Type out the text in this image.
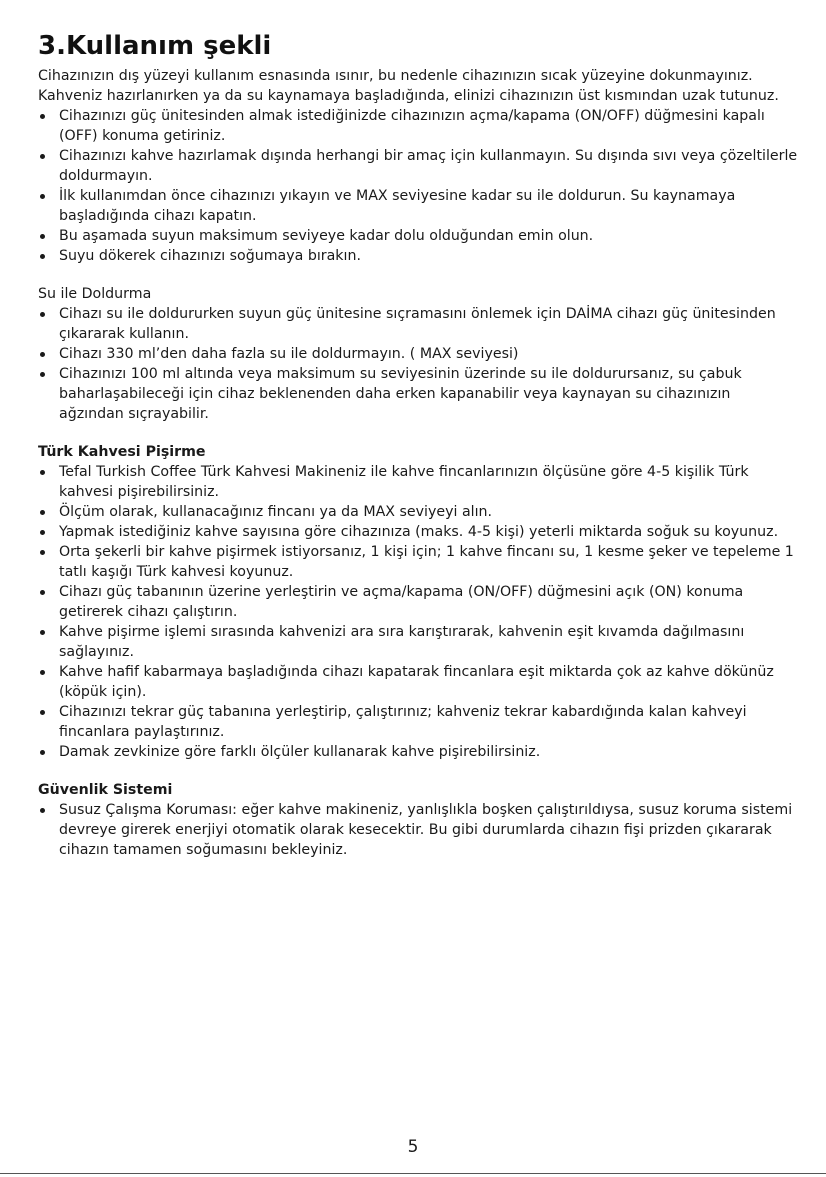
3.Kullanım şekli

Cihazınızın dış yüzeyi kullanım esnasında ısınır, bu nedenle cihazınızın sıcak yüzeyine dokunmayınız. Kahveniz hazırlanırken ya da su kaynamaya başladığında, elinizi cihazınızın üst kısmından uzak tutunuz.

Cihazınızı güç ünitesinden almak istediğinizde cihazınızın açma/kapama (ON/OFF) düğmesini kapalı (OFF) konuma getiriniz.
Cihazınızı kahve hazırlamak dışında herhangi bir amaç için kullanmayın. Su dışında sıvı veya çözeltilerle doldurmayın.
İlk kullanımdan önce cihazınızı yıkayın ve MAX seviyesine kadar su ile doldurun. Su kaynamaya başladığında cihazı kapatın.
Bu aşamada suyun maksimum seviyeye kadar dolu olduğundan emin olun.
Suyu dökerek cihazınızı soğumaya bırakın.

Su ile Doldurma

Cihazı su ile doldururken suyun güç ünitesine sıçramasını önlemek için DAİMA cihazı güç ünitesinden çıkararak kullanın.
Cihazı 330 ml’den daha fazla su ile doldurmayın. ( MAX seviyesi)
Cihazınızı 100 ml altında veya maksimum su seviyesinin üzerinde su ile doldurursanız, su çabuk baharlaşabileceği için cihaz beklenenden daha erken kapanabilir veya kaynayan su cihazınızın ağzından sıçrayabilir.

Türk Kahvesi Pişirme

Tefal Turkish Coffee Türk Kahvesi Makineniz ile kahve fincanlarınızın ölçüsüne göre 4-5 kişilik Türk kahvesi pişirebilirsiniz.
Ölçüm olarak, kullanacağınız fincanı ya da MAX seviyeyi alın.
Yapmak istediğiniz kahve sayısına göre cihazınıza (maks. 4-5 kişi) yeterli miktarda soğuk su koyunuz.
Orta şekerli bir kahve pişirmek istiyorsanız, 1 kişi için; 1 kahve fincanı su, 1 kesme şeker ve tepeleme 1 tatlı kaşığı Türk kahvesi koyunuz.
Cihazı güç tabanının üzerine yerleştirin ve açma/kapama (ON/OFF) düğmesini açık (ON) konuma getirerek cihazı çalıştırın.
Kahve pişirme işlemi sırasında kahvenizi ara sıra karıştırarak, kahvenin eşit kıvamda dağılmasını sağlayınız.
Kahve hafif kabarmaya başladığında cihazı kapatarak fincanlara eşit miktarda çok az kahve dökünüz (köpük için).
Cihazınızı tekrar güç tabanına yerleştirip, çalıştırınız; kahveniz tekrar kabardığında kalan kahveyi fincanlara paylaştırınız.
Damak zevkinize göre farklı ölçüler kullanarak kahve pişirebilirsiniz.

Güvenlik Sistemi

Susuz Çalışma Koruması: eğer kahve makineniz, yanlışlıkla boşken çalıştırıldıysa, susuz koruma sistemi devreye girerek enerjiyi otomatik olarak kesecektir. Bu gibi durumlarda cihazın fişi prizden çıkararak cihazın tamamen soğumasını bekleyiniz.
5
